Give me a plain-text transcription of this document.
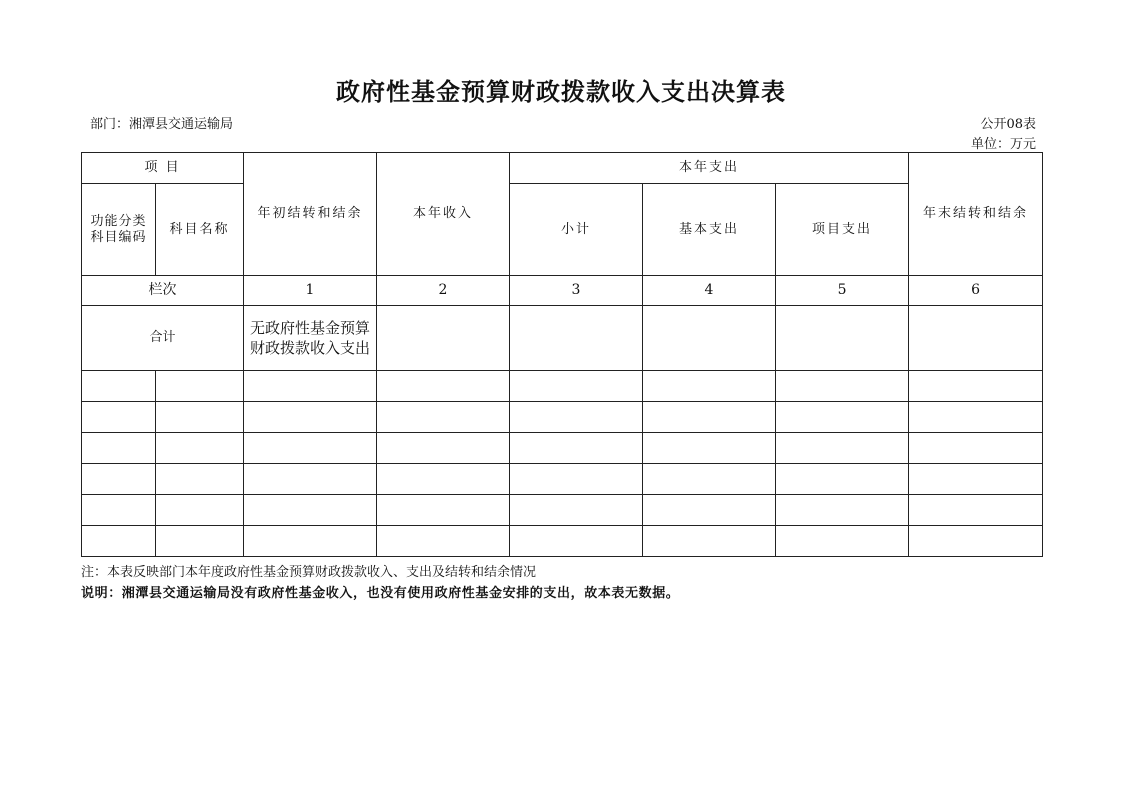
政府性基金预算财政拨款收入支出决算表
部门：湘潭县交通运输局	公开08表
单位：万元
项 目		年初结转和结余	本年收入	本年支出			年末结转和结余
功能分类科目编码	科目名称			小计	基本支出	项目支出	
栏次		1	2	3	4	5	6
合计		无政府性基金预算财政拨款收入支出					

注：本表反映部门本年度政府性基金预算财政拨款收入、支出及结转和结余情况
说明：湘潭县交通运输局没有政府性基金收入，也没有使用政府性基金安排的支出，故本表无数据。
